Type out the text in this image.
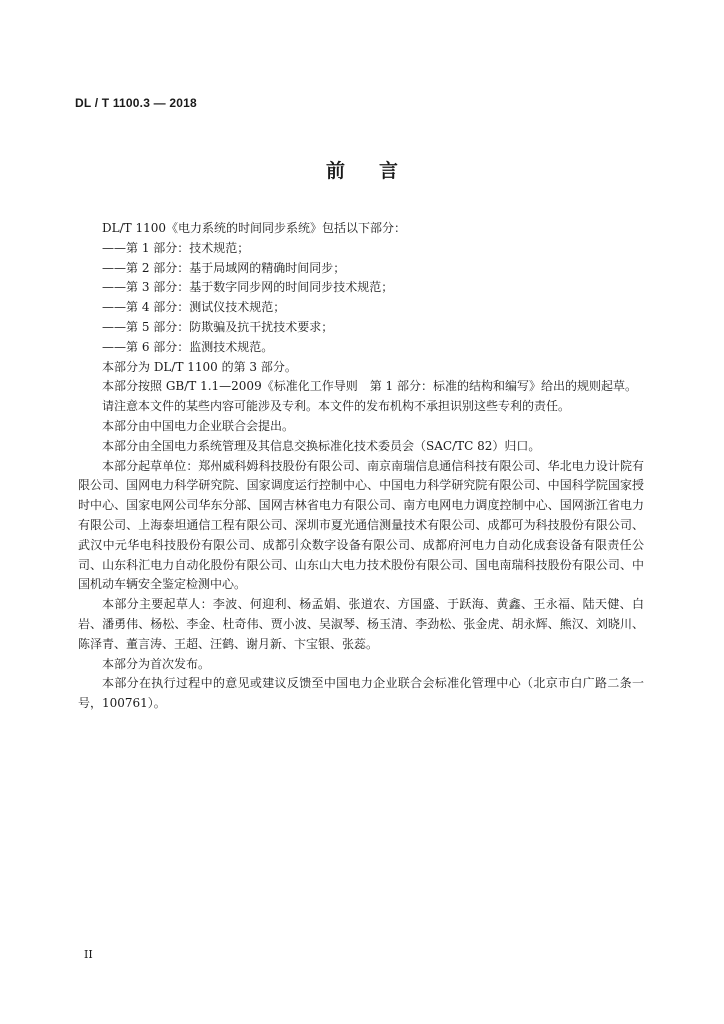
DL / T 1100.3 — 2018
前言

DL/T 1100《电力系统的时间同步系统》包括以下部分：

——第 1 部分：技术规范；

——第 2 部分：基于局域网的精确时间同步；

——第 3 部分：基于数字同步网的时间同步技术规范；

——第 4 部分：测试仪技术规范；

——第 5 部分：防欺骗及抗干扰技术要求；

——第 6 部分：监测技术规范。

本部分为 DL/T 1100 的第 3 部分。

本部分按照 GB/T 1.1—2009《标准化工作导则　第 1 部分：标准的结构和编写》给出的规则起草。

请注意本文件的某些内容可能涉及专利。本文件的发布机构不承担识别这些专利的责任。

本部分由中国电力企业联合会提出。

本部分由全国电力系统管理及其信息交换标准化技术委员会（SAC/TC 82）归口。

本部分起草单位：郑州威科姆科技股份有限公司、南京南瑞信息通信科技有限公司、华北电力设计院有限公司、国网电力科学研究院、国家调度运行控制中心、中国电力科学研究院有限公司、中国科学院国家授时中心、国家电网公司华东分部、国网吉林省电力有限公司、南方电网电力调度控制中心、国网浙江省电力有限公司、上海泰坦通信工程有限公司、深圳市夏光通信测量技术有限公司、成都可为科技股份有限公司、武汉中元华电科技股份有限公司、成都引众数字设备有限公司、成都府河电力自动化成套设备有限责任公司、山东科汇电力自动化股份有限公司、山东山大电力技术股份有限公司、国电南瑞科技股份有限公司、中国机动车辆安全鉴定检测中心。

本部分主要起草人：李波、何迎利、杨孟娟、张道农、方国盛、于跃海、黄鑫、王永福、陆天健、白岩、潘勇伟、杨松、李金、杜奇伟、贾小波、吴淑琴、杨玉清、李劲松、张金虎、胡永辉、熊汉、刘晓川、陈泽青、董言涛、王超、汪鹤、谢月新、卞宝银、张蕊。

本部分为首次发布。

本部分在执行过程中的意见或建议反馈至中国电力企业联合会标准化管理中心（北京市白广路二条一号，100761）。

II
